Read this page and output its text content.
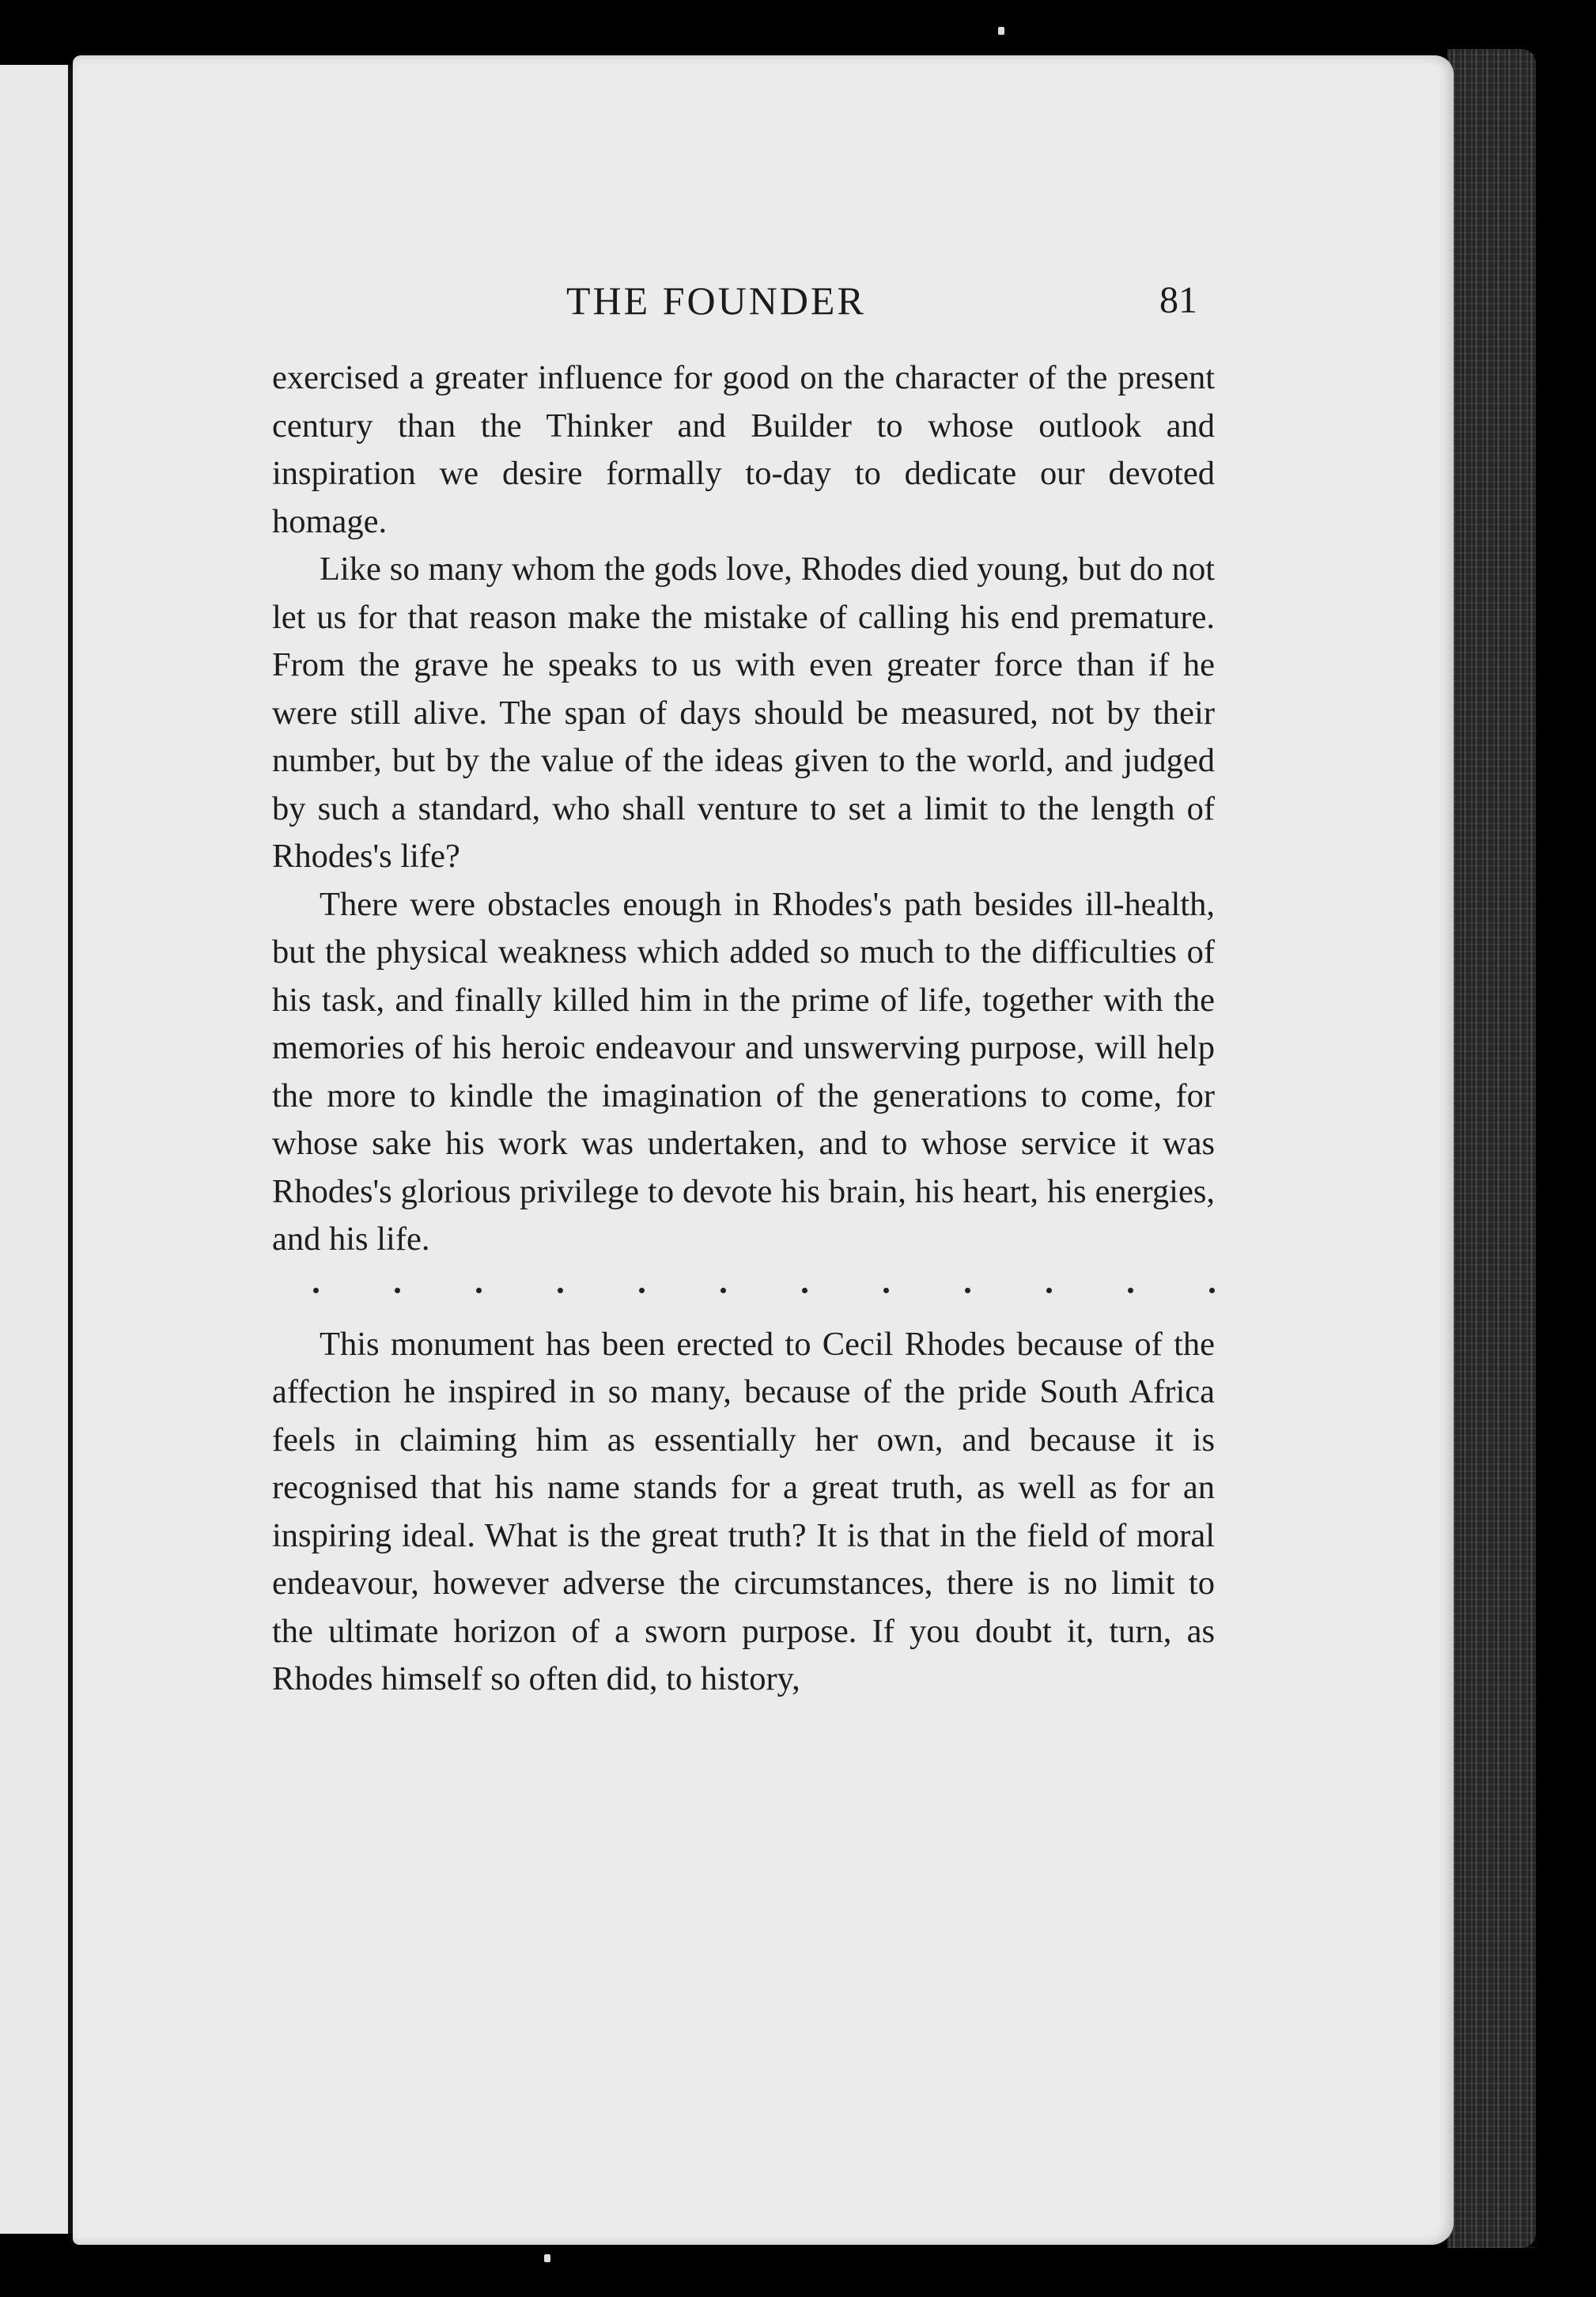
THE FOUNDER	81

exercised a greater influence for good on the character of the present century than the Thinker and Builder to whose outlook and inspiration we desire formally to-day to dedicate our devoted homage.

Like so many whom the gods love, Rhodes died young, but do not let us for that reason make the mistake of calling his end premature. From the grave he speaks to us with even greater force than if he were still alive. The span of days should be measured, not by their number, but by the value of the ideas given to the world, and judged by such a standard, who shall venture to set a limit to the length of Rhodes's life?

There were obstacles enough in Rhodes's path besides ill-health, but the physical weakness which added so much to the difficulties of his task, and finally killed him in the prime of life, together with the memories of his heroic endeavour and unswerving purpose, will help the more to kindle the imagination of the generations to come, for whose sake his work was undertaken, and to whose service it was Rhodes's glorious privilege to devote his brain, his heart, his energies, and his life.

This monument has been erected to Cecil Rhodes because of the affection he inspired in so many, because of the pride South Africa feels in claiming him as essentially her own, and because it is recognised that his name stands for a great truth, as well as for an inspiring ideal. What is the great truth? It is that in the field of moral endeavour, however adverse the circumstances, there is no limit to the ultimate horizon of a sworn purpose. If you doubt it, turn, as Rhodes himself so often did, to history,
